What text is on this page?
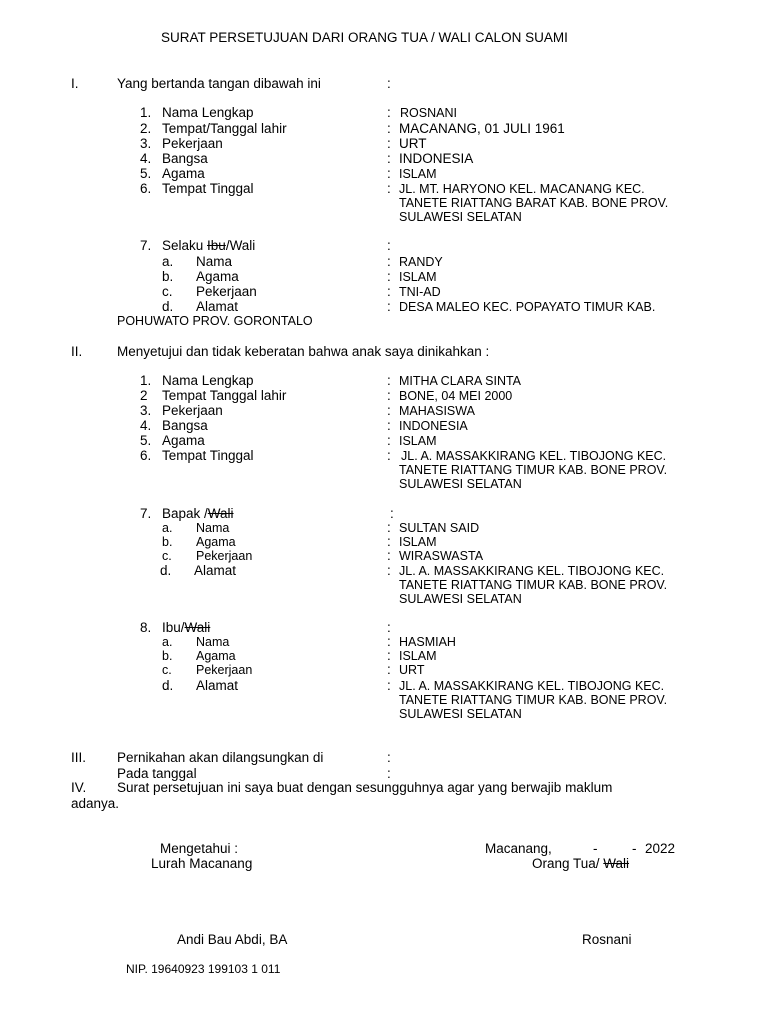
SURAT PERSETUJUAN DARI ORANG TUA / WALI CALON SUAMI
I.	Yang bertanda tangan dibawah ini	:
1. Nama Lengkap	: ROSNANI
2. Tempat/Tanggal lahir	: MACANANG, 01 JULI 1961
3. Pekerjaan	: URT
4. Bangsa	: INDONESIA
5. Agama	: ISLAM
6. Tempat Tinggal	: JL. MT. HARYONO KEL. MACANANG KEC.
TANETE RIATTANG BARAT KAB. BONE PROV.
SULAWESI SELATAN
7. Selaku Ibu/Wali	:
a. Nama	: RANDY
b. Agama	: ISLAM
c. Pekerjaan	: TNI-AD
d. Alamat	: DESA MALEO KEC. POPAYATO TIMUR KAB.
POHUWATO PROV. GORONTALO
II.	Menyetujui dan tidak keberatan bahwa anak saya dinikahkan :
1. Nama Lengkap	: MITHA CLARA SINTA
2 Tempat Tanggal lahir	: BONE, 04 MEI 2000
3. Pekerjaan	: MAHASISWA
4. Bangsa	: INDONESIA
5. Agama	: ISLAM
6. Tempat Tinggal	: JL. A. MASSAKKIRANG KEL. TIBOJONG KEC.
TANETE RIATTANG TIMUR KAB. BONE PROV.
SULAWESI SELATAN
7. Bapak /Wali	:
a. Nama	: SULTAN SAID
b. Agama	: ISLAM
c. Pekerjaan	: WIRASWASTA
d. Alamat	: JL. A. MASSAKKIRANG KEL. TIBOJONG KEC.
TANETE RIATTANG TIMUR KAB. BONE PROV.
SULAWESI SELATAN
8. Ibu/Wali	:
a. Nama	: HASMIAH
b. Agama	: ISLAM
c. Pekerjaan	: URT
d. Alamat	: JL. A. MASSAKKIRANG KEL. TIBOJONG KEC.
TANETE RIATTANG TIMUR KAB. BONE PROV.
SULAWESI SELATAN
III. Pernikahan akan dilangsungkan di	:
Pada tanggal	:
IV. Surat persetujuan ini saya buat dengan sesungguhnya agar yang berwajib maklum
adanya.
Mengetahui :
Lurah Macanang
Andi Bau Abdi, BA
NIP. 19640923 199103 1 011
Macanang,	-	- 2022
Orang Tua/ Wali
Rosnani
